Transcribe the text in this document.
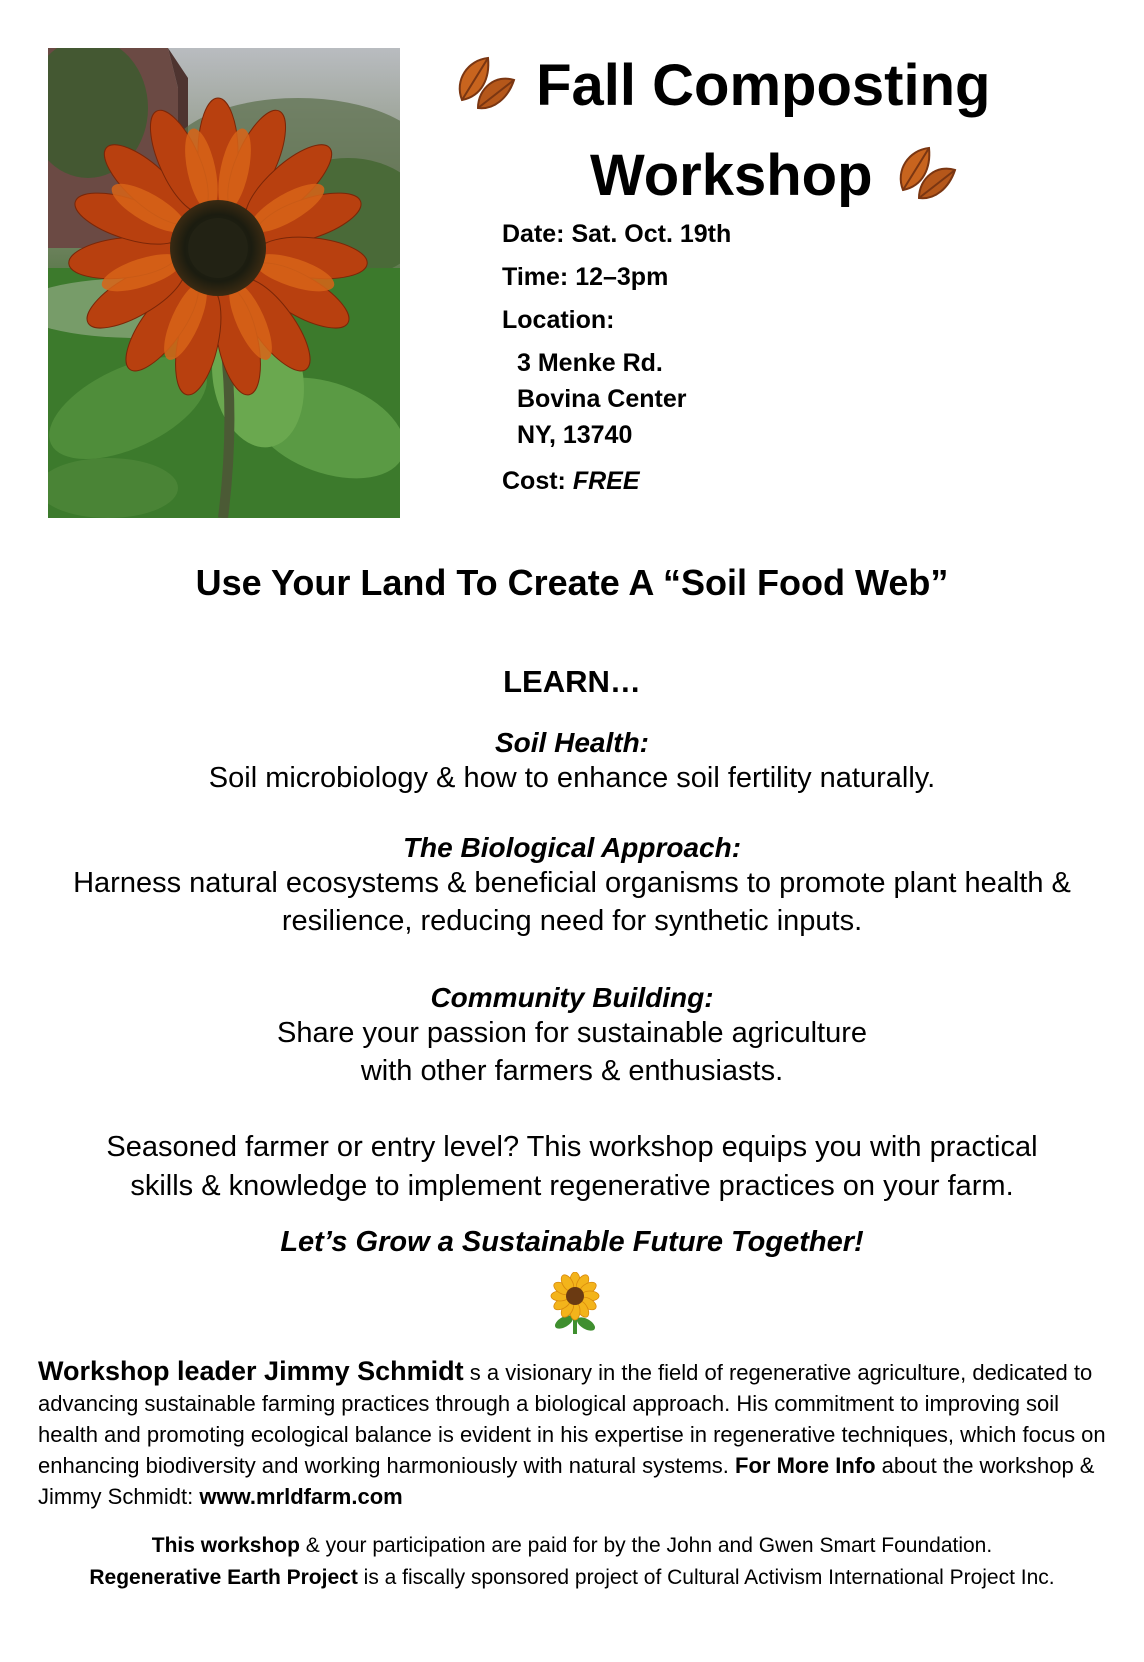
Fall Composting
Workshop
Date: Sat. Oct. 19th
Time: 12–3pm
Location:
3 Menke Rd.
Bovina Center
NY, 13740
Cost: FREE
Use Your Land To Create A “Soil Food Web”
LEARN…
Soil Health:
Soil microbiology & how to enhance soil fertility naturally.
The Biological Approach:
Harness natural ecosystems & beneficial organisms to promote plant health &
resilience, reducing need for synthetic inputs.
Community Building:
Share your passion for sustainable agriculture
with other farmers & enthusiasts.
Seasoned farmer or entry level? This workshop equips you with practical
skills & knowledge to implement regenerative practices on your farm.
Let’s Grow a Sustainable Future Together!
Workshop leader Jimmy Schmidt s a visionary in the field of regenerative agriculture, dedicated to advancing sustainable farming practices through a biological approach. His commitment to improving soil health and promoting ecological balance is evident in his expertise in regenerative techniques, which focus on enhancing biodiversity and working harmoniously with natural systems. For More Info about the workshop & Jimmy Schmidt: www.mrldfarm.com
This workshop & your participation are paid for by the John and Gwen Smart Foundation.
Regenerative Earth Project is a fiscally sponsored project of Cultural Activism International Project Inc.
